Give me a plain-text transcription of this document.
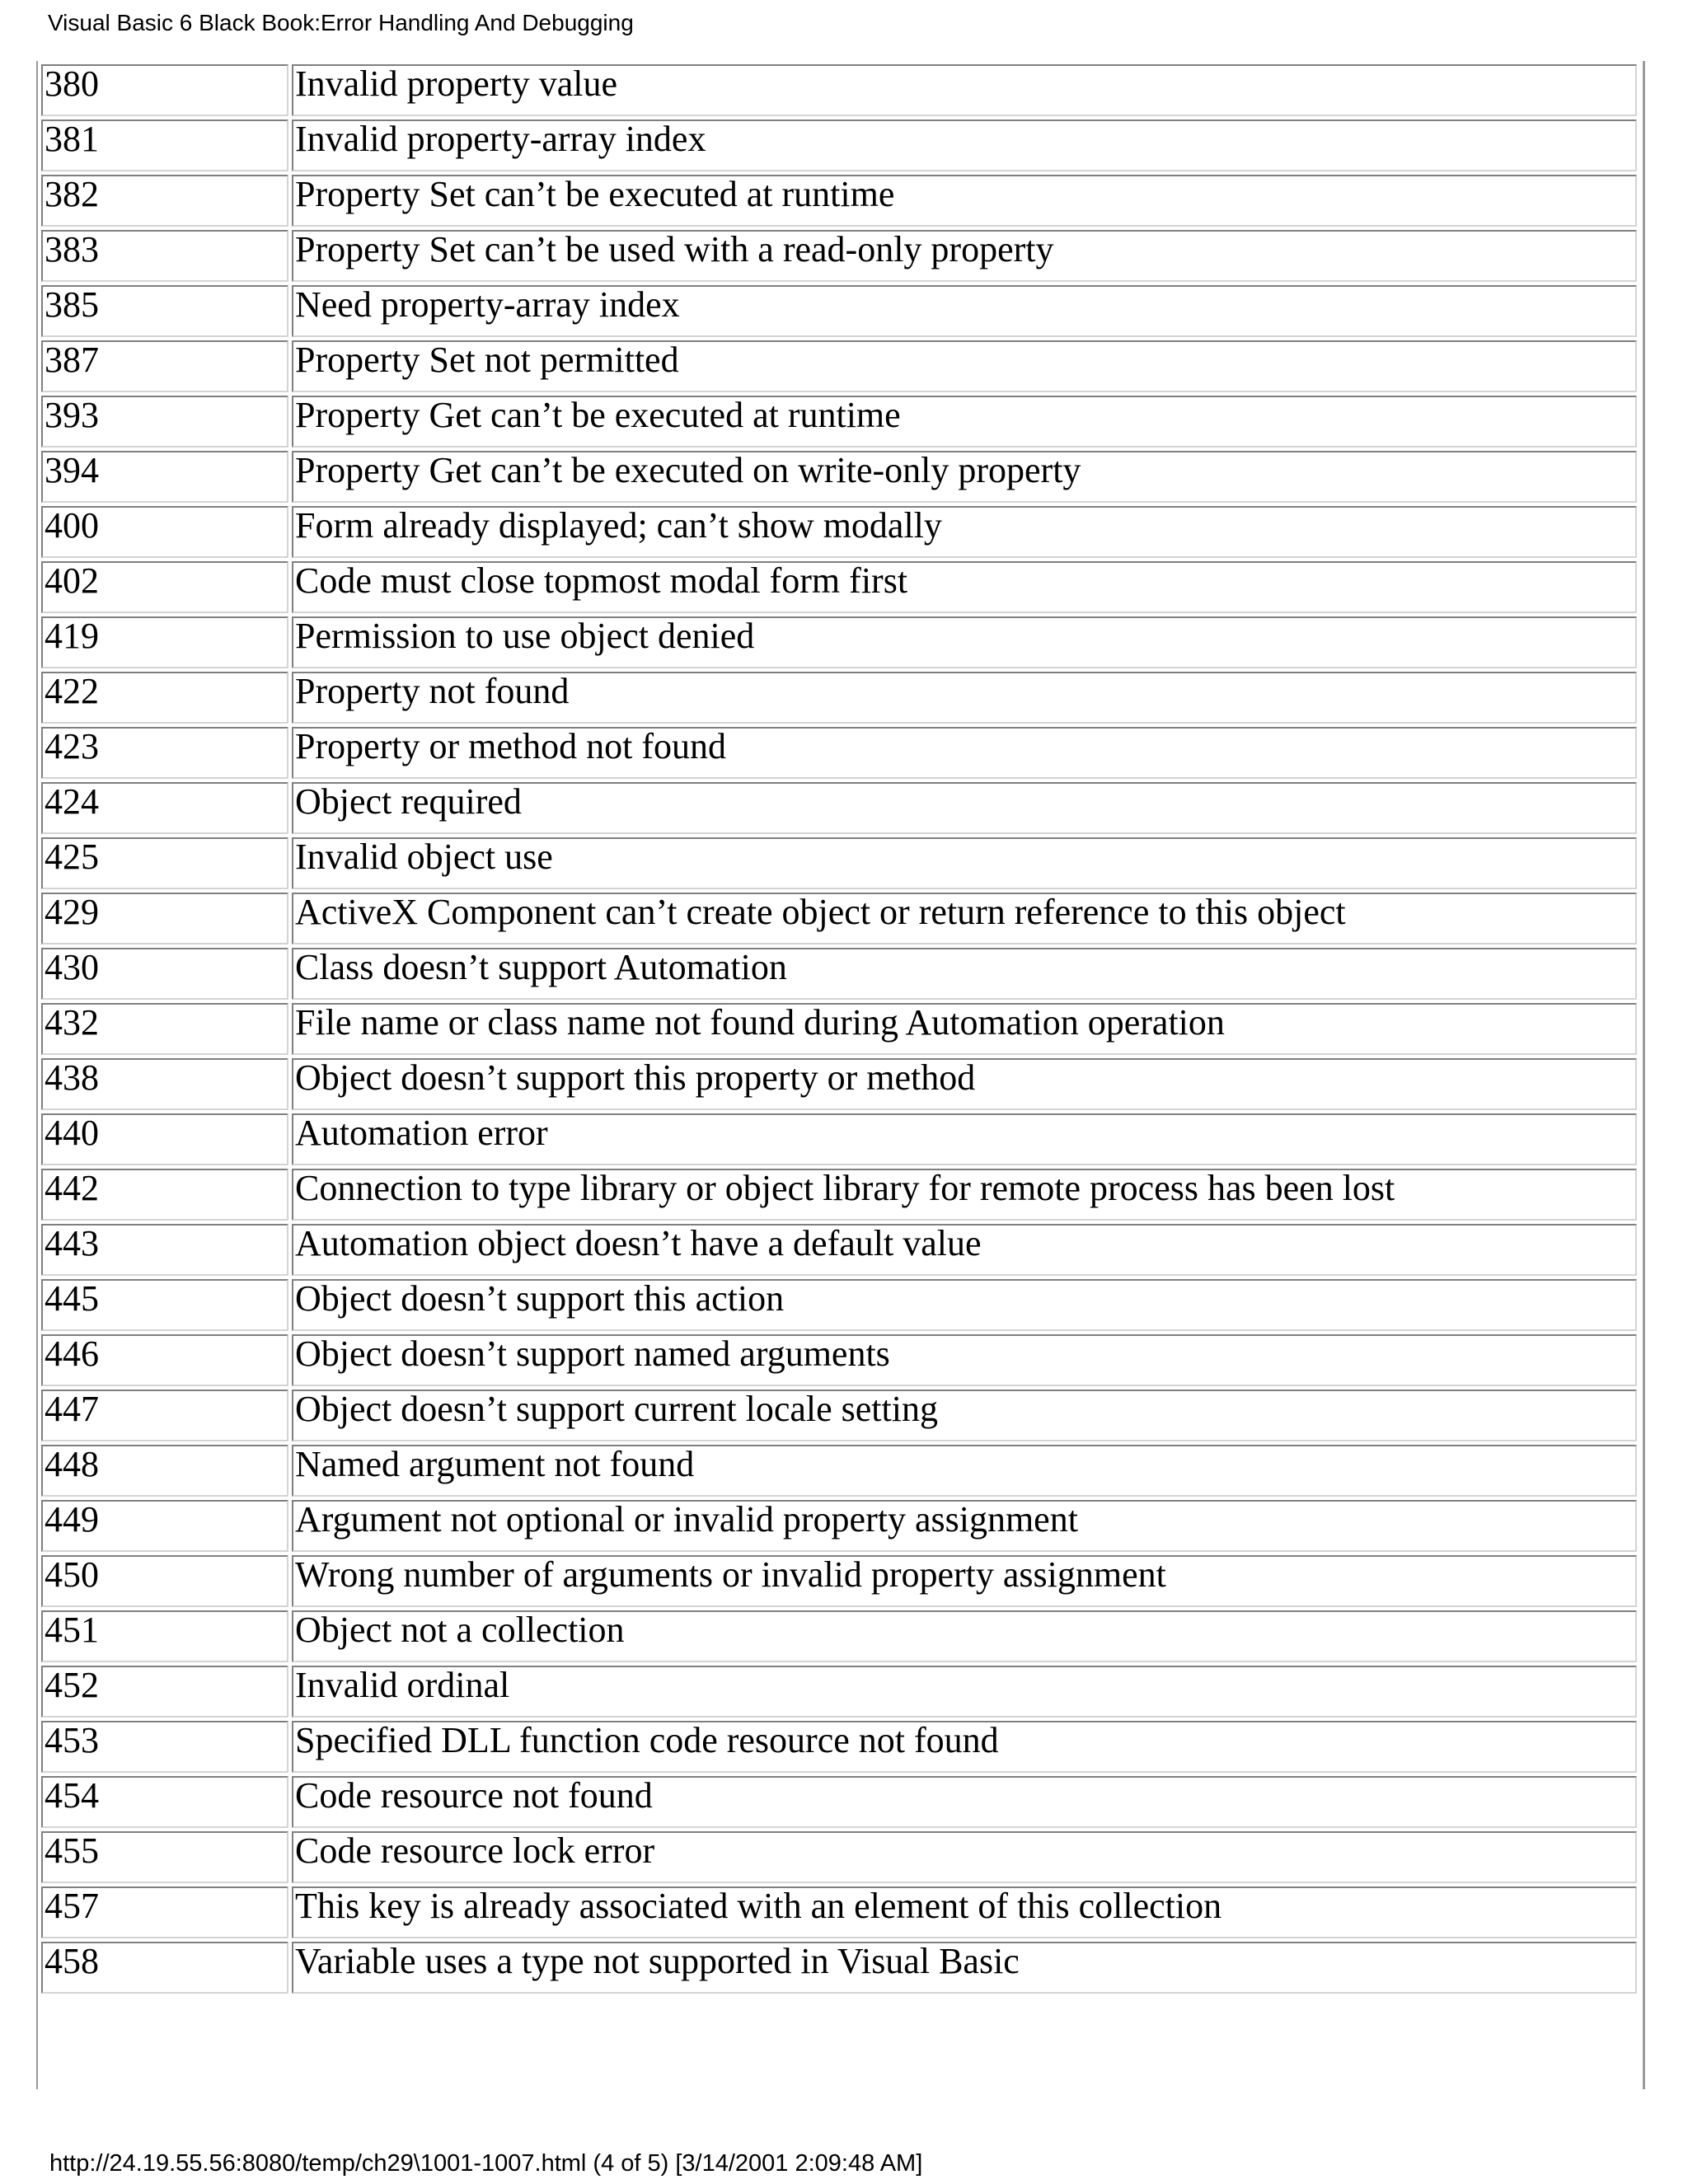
Visual Basic 6 Black Book:Error Handling And Debugging
380	Invalid property value
381	Invalid property-array index
382	Property Set can’t be executed at runtime
383	Property Set can’t be used with a read-only property
385	Need property-array index
387	Property Set not permitted
393	Property Get can’t be executed at runtime
394	Property Get can’t be executed on write-only property
400	Form already displayed; can’t show modally
402	Code must close topmost modal form first
419	Permission to use object denied
422	Property not found
423	Property or method not found
424	Object required
425	Invalid object use
429	ActiveX Component can’t create object or return reference to this object
430	Class doesn’t support Automation
432	File name or class name not found during Automation operation
438	Object doesn’t support this property or method
440	Automation error
442	Connection to type library or object library for remote process has been lost
443	Automation object doesn’t have a default value
445	Object doesn’t support this action
446	Object doesn’t support named arguments
447	Object doesn’t support current locale setting
448	Named argument not found
449	Argument not optional or invalid property assignment
450	Wrong number of arguments or invalid property assignment
451	Object not a collection
452	Invalid ordinal
453	Specified DLL function code resource not found
454	Code resource not found
455	Code resource lock error
457	This key is already associated with an element of this collection
458	Variable uses a type not supported in Visual Basic
http://24.19.55.56:8080/temp/ch29\1001-1007.html (4 of 5) [3/14/2001 2:09:48 AM]
